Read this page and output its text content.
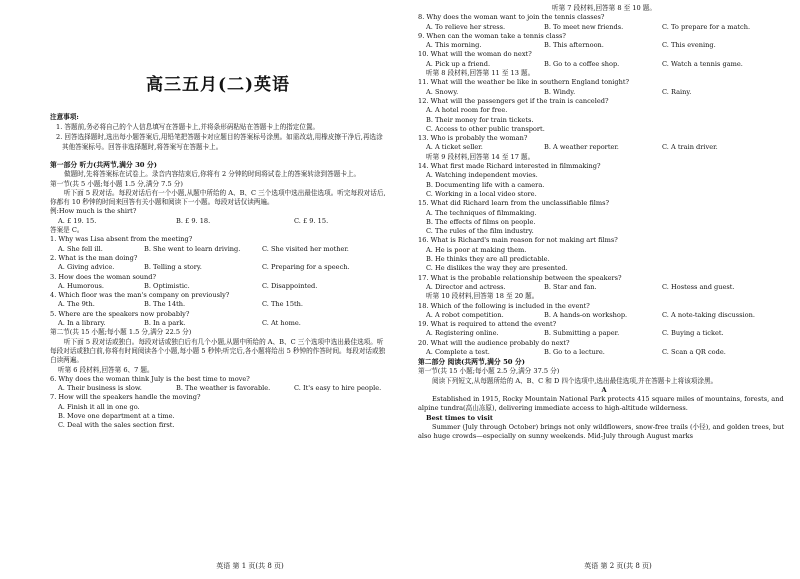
高三五月(二)英语
注意事项:
1. 答题前,务必将自己的个人信息填写在答题卡上,并将条形码粘贴在答题卡上的指定位置。
2. 回答选择题时,选出每小题答案后,用铅笔把答题卡对应题目的答案标号涂黑。如需改动,用橡皮擦干净后,再选涂其他答案标号。回答非选择题时,将答案写在答题卡上。
第一部分 听力(共两节,满分 30 分)
做题时,先将答案标在试卷上。录音内容结束后,你将有 2 分钟的时间将试卷上的答案转涂到答题卡上。
第一节(共 5 小题;每小题 1.5 分,满分 7.5 分)
听下面 5 段对话。每段对话后有一个小题,从题中所给的 A、B、C 三个选项中选出最佳选项。听完每段对话后,你都有 10 秒钟的时间来回答有关小题和阅读下一小题。每段对话仅读两遍。
例:How much is the shirt?
A. £ 19. 15.	B. £ 9. 18.	C. £ 9. 15.
答案是 C。
1. Why was Lisa absent from the meeting?
A. She fell ill.	B. She went to learn driving.	C. She visited her mother.
2. What is the man doing?
A. Giving advice.	B. Telling a story.	C. Preparing for a speech.
3. How does the woman sound?
A. Humorous.	B. Optimistic.	C. Disappointed.
4. Which floor was the man's company on previously?
A. The 9th.	B. The 14th.	C. The 15th.
5. Where are the speakers now probably?
A. In a library.	B. In a park.	C. At home.
第二节(共 15 小题;每小题 1.5 分,满分 22.5 分)
听下面 5 段对话或独白。每段对话或独白后有几个小题,从题中所给的 A、B、C 三个选项中选出最佳选项。听每段对话或独白前,你将有时间阅读各个小题,每小题 5 秒钟;听完后,各小题将给出 5 秒钟的作答时间。每段对话或独白读两遍。
听第 6 段材料,回答第 6、7 题。
6. Why does the woman think July is the best time to move?
A. Their business is slow.	B. The weather is favorable.	C. It's easy to hire people.
7. How will the speakers handle the moving?
A. Finish it all in one go.
B. Move one department at a time.
C. Deal with the sales section first.
英语 第 1 页(共 8 页)
听第 7 段材料,回答第 8 至 10 题。
8. Why does the woman want to join the tennis classes?
A. To relieve her stress.	B. To meet new friends.	C. To prepare for a match.
9. When can the woman take a tennis class?
A. This morning.	B. This afternoon.	C. This evening.
10. What will the woman do next?
A. Pick up a friend.	B. Go to a coffee shop.	C. Watch a tennis game.
听第 8 段材料,回答第 11 至 13 题。
11. What will the weather be like in southern England tonight?
A. Snowy.	B. Windy.	C. Rainy.
12. What will the passengers get if the train is canceled?
A. A hotel room for free.
B. Their money for train tickets.
C. Access to other public transport.
13. Who is probably the woman?
A. A ticket seller.	B. A weather reporter.	C. A train driver.
听第 9 段材料,回答第 14 至 17 题。
14. What first made Richard interested in filmmaking?
A. Watching independent movies.
B. Documenting life with a camera.
C. Working in a local video store.
15. What did Richard learn from the unclassifiable films?
A. The techniques of filmmaking.
B. The effects of films on people.
C. The rules of the film industry.
16. What is Richard's main reason for not making art films?
A. He is poor at making them.
B. He thinks they are all predictable.
C. He dislikes the way they are presented.
17. What is the probable relationship between the speakers?
A. Director and actress.	B. Star and fan.	C. Hostess and guest.
听第 10 段材料,回答第 18 至 20 题。
18. Which of the following is included in the event?
A. A robot competition.	B. A hands-on workshop.	C. A note-taking discussion.
19. What is required to attend the event?
A. Registering online.	B. Submitting a paper.	C. Buying a ticket.
20. What will the audience probably do next?
A. Complete a test.	B. Go to a lecture.	C. Scan a QR code.
第二部分 阅读(共两节,满分 50 分)
第一节(共 15 小题;每小题 2.5 分,满分 37.5 分)
阅读下列短文,从每题所给的 A、B、C 和 D 四个选项中,选出最佳选项,并在答题卡上将该项涂黑。
A
Established in 1915, Rocky Mountain National Park protects 415 square miles of mountains, forests, and alpine tundra(高山冻原), delivering immediate access to high-altitude wilderness.
Best times to visit
Summer (July through October) brings not only wildflowers, snow-free trails (小径), and golden trees, but also huge crowds—especially on sunny weekends. Mid-July through August marks
英语 第 2 页(共 8 页)
